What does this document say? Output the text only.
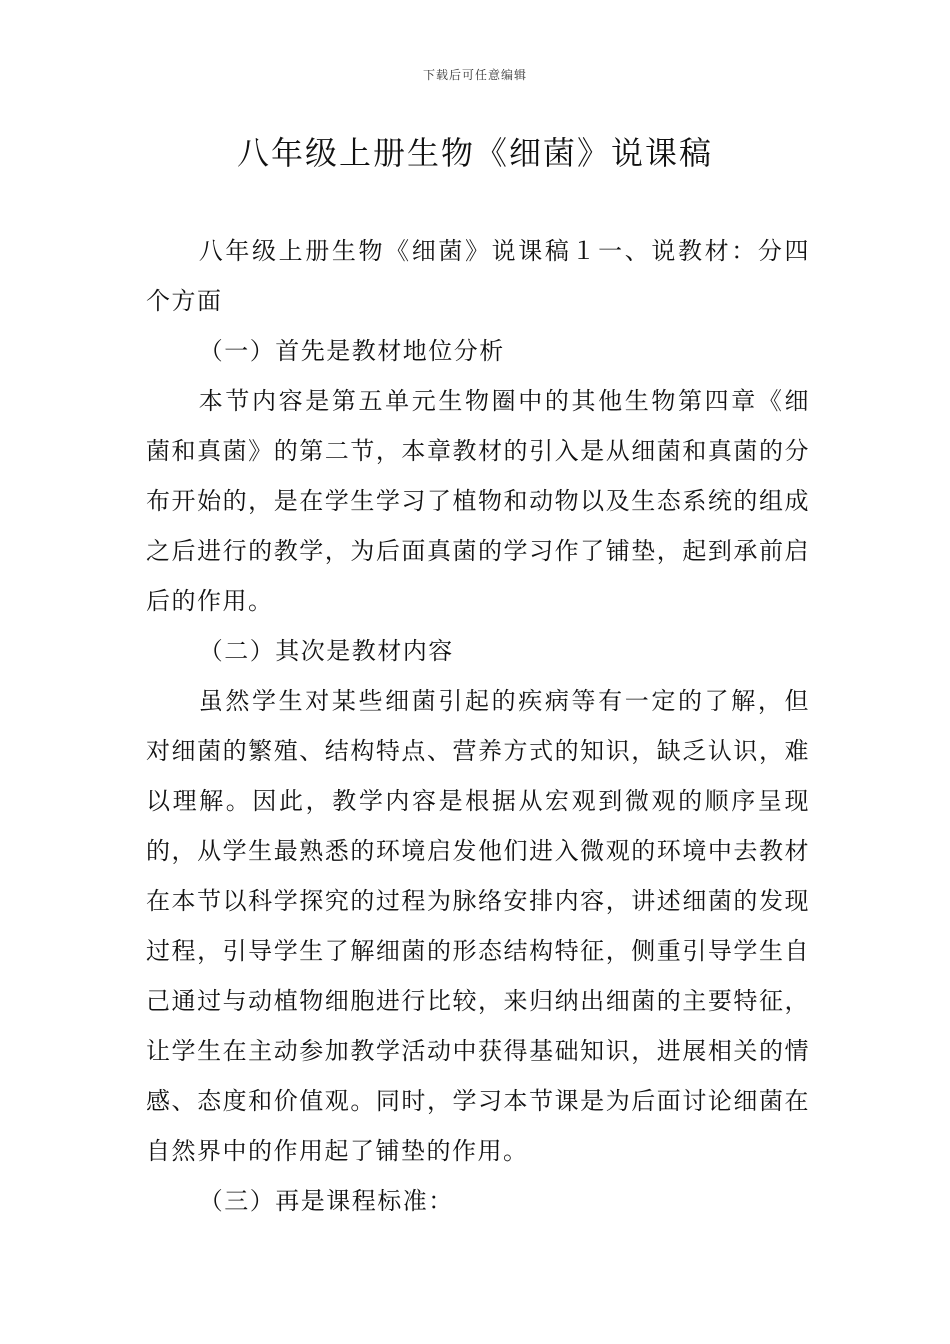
下载后可任意编辑
八年级上册生物《细菌》说课稿

八年级上册生物《细菌》说课稿１一、说教材：分四个方面

（一）首先是教材地位分析

本节内容是第五单元生物圈中的其他生物第四章《细菌和真菌》的第二节，本章教材的引入是从细菌和真菌的分布开始的，是在学生学习了植物和动物以及生态系统的组成之后进行的教学，为后面真菌的学习作了铺垫，起到承前启后的作用。

（二）其次是教材内容

虽然学生对某些细菌引起的疾病等有一定的了解，但对细菌的繁殖、结构特点、营养方式的知识，缺乏认识，难以理解。因此，教学内容是根据从宏观到微观的顺序呈现的，从学生最熟悉的环境启发他们进入微观的环境中去教材在本节以科学探究的过程为脉络安排内容，讲述细菌的发现过程，引导学生了解细菌的形态结构特征，侧重引导学生自己通过与动植物细胞进行比较，来归纳出细菌的主要特征，让学生在主动参加教学活动中获得基础知识，进展相关的情感、态度和价值观。同时，学习本节课是为后面讨论细菌在自然界中的作用起了铺垫的作用。

（三）再是课程标准：
